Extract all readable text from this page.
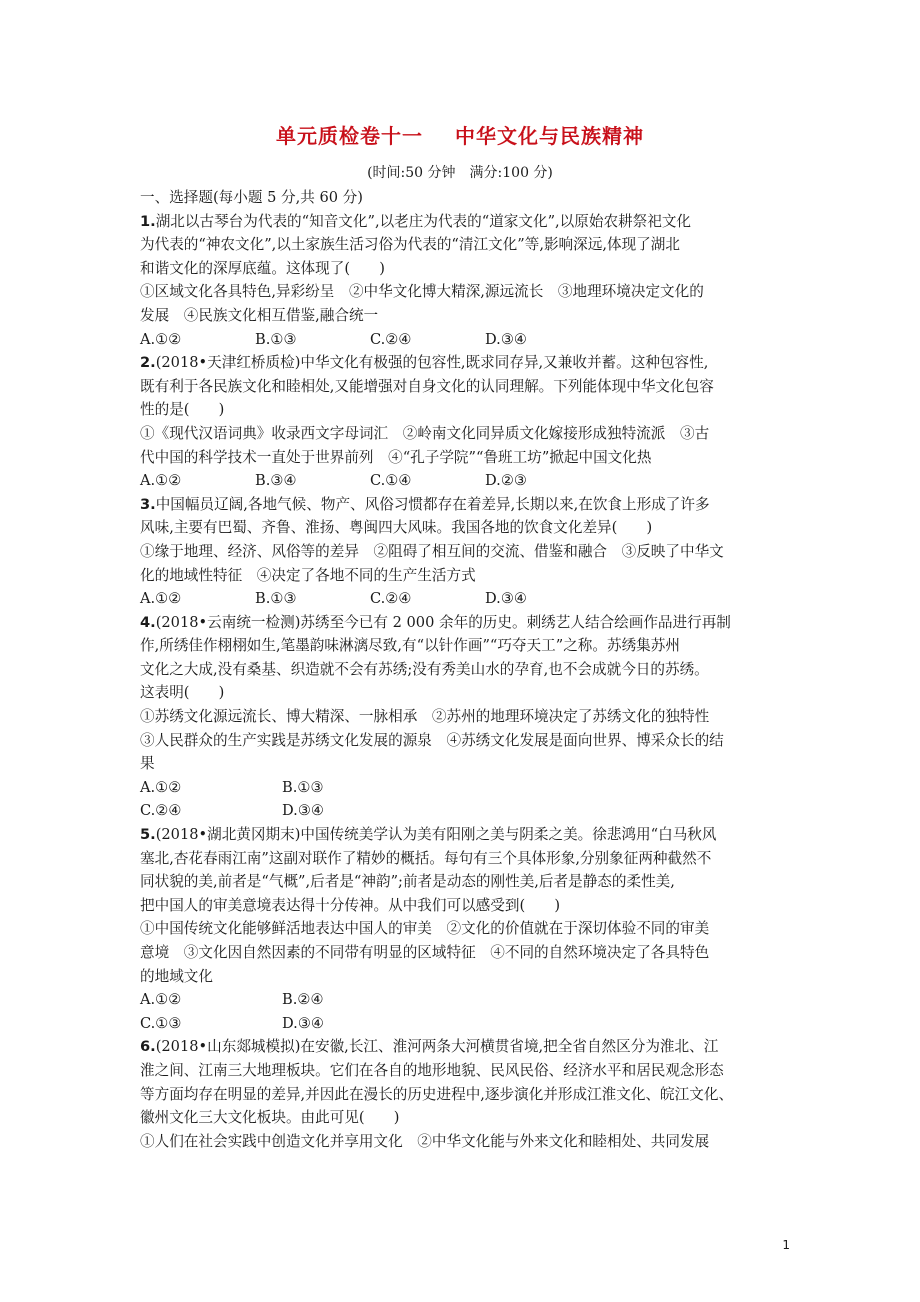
单元质检卷十一 中华文化与民族精神
(时间:50 分钟 满分:100 分)
一、选择题(每小题 5 分,共 60 分)
1.湖北以古琴台为代表的“知音文化”,以老庄为代表的“道家文化”,以原始农耕祭祀文化
为代表的“神农文化”,以土家族生活习俗为代表的“清江文化”等,影响深远,体现了湖北
和谐文化的深厚底蕴。这体现了(　　)
①区域文化各具特色,异彩纷呈　②中华文化博大精深,源远流长　③地理环境决定文化的
发展　④民族文化相互借鉴,融合统一
A.①②	B.①③	C.②④	D.③④
2.(2018•天津红桥质检)中华文化有极强的包容性,既求同存异,又兼收并蓄。这种包容性,
既有利于各民族文化和睦相处,又能增强对自身文化的认同理解。下列能体现中华文化包容
性的是(　　)
①《现代汉语词典》收录西文字母词汇　②岭南文化同异质文化嫁接形成独特流派　③古
代中国的科学技术一直处于世界前列　④“孔子学院”“鲁班工坊”掀起中国文化热
A.①②	B.③④	C.①④	D.②③
3.中国幅员辽阔,各地气候、物产、风俗习惯都存在着差异,长期以来,在饮食上形成了许多
风味,主要有巴蜀、齐鲁、淮扬、粤闽四大风味。我国各地的饮食文化差异(　　)
①缘于地理、经济、风俗等的差异　②阻碍了相互间的交流、借鉴和融合　③反映了中华文
化的地域性特征　④决定了各地不同的生产生活方式
A.①②	B.①③	C.②④	D.③④
4.(2018•云南统一检测)苏绣至今已有 2 000 余年的历史。刺绣艺人结合绘画作品进行再制
作,所绣佳作栩栩如生,笔墨韵味淋漓尽致,有“以针作画”“巧夺天工”之称。苏绣集苏州
文化之大成,没有桑基、织造就不会有苏绣;没有秀美山水的孕育,也不会成就今日的苏绣。
这表明(　　)
①苏绣文化源远流长、博大精深、一脉相承　②苏州的地理环境决定了苏绣文化的独特性
③人民群众的生产实践是苏绣文化发展的源泉　④苏绣文化发展是面向世界、博采众长的结
果
A.①②	B.①③
C.②④	D.③④
5.(2018•湖北黄冈期末)中国传统美学认为美有阳刚之美与阴柔之美。徐悲鸿用“白马秋风
塞北,杏花春雨江南”这副对联作了精妙的概括。每句有三个具体形象,分别象征两种截然不
同状貌的美,前者是“气概”,后者是“神韵”;前者是动态的刚性美,后者是静态的柔性美,
把中国人的审美意境表达得十分传神。从中我们可以感受到(　　)
①中国传统文化能够鲜活地表达中国人的审美　②文化的价值就在于深切体验不同的审美
意境　③文化因自然因素的不同带有明显的区域特征　④不同的自然环境决定了各具特色
的地域文化
A.①②	B.②④
C.①③	D.③④
6.(2018•山东郯城模拟)在安徽,长江、淮河两条大河横贯省境,把全省自然区分为淮北、江
淮之间、江南三大地理板块。它们在各自的地形地貌、民风民俗、经济水平和居民观念形态
等方面均存在明显的差异,并因此在漫长的历史进程中,逐步演化并形成江淮文化、皖江文化、
徽州文化三大文化板块。由此可见(　　)
①人们在社会实践中创造文化并享用文化　②中华文化能与外来文化和睦相处、共同发展
1
